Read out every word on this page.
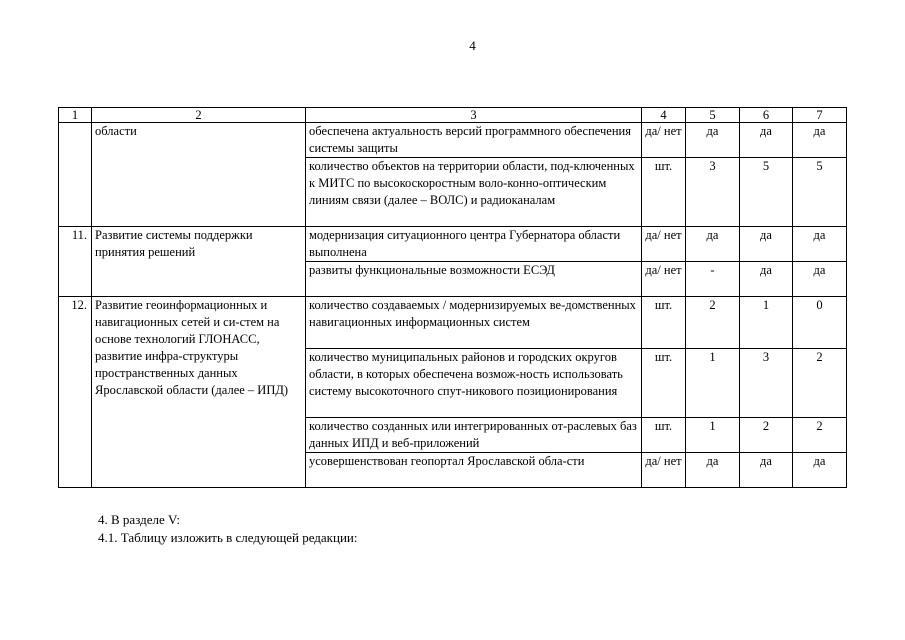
4
1	2	3	4	5	6	7
	области	обеспечена актуальность версий программного обеспечения системы защиты	да/ нет	да	да	да
		количество объектов на территории области, под-ключенных к МИТС по высокоскоростным воло-конно-оптическим линиям связи (далее – ВОЛС) и радиоканалам	шт.	3	5	5
11.	Развитие системы поддержки принятия решений	модернизация ситуационного центра Губернатора области выполнена	да/ нет	да	да	да
		развиты функциональные возможности ЕСЭД	да/ нет	-	да	да
12.	Развитие геоинформационных и навигационных сетей и си-стем на основе технологий ГЛОНАСС, развитие инфра-структуры пространственных данных Ярославской области (далее – ИПД)	количество создаваемых / модернизируемых ве-домственных навигационных информационных систем	шт.	2	1	0
		количество муниципальных районов и городских округов области, в которых обеспечена возмож-ность использовать систему высокоточного спут-никового позиционирования	шт.	1	3	2
		количество созданных или интегрированных от-раслевых баз данных ИПД и веб-приложений	шт.	1	2	2
		усовершенствован геопортал Ярославской обла-сти	да/ нет	да	да	да
4. В разделе V:
4.1. Таблицу изложить в следующей редакции:
